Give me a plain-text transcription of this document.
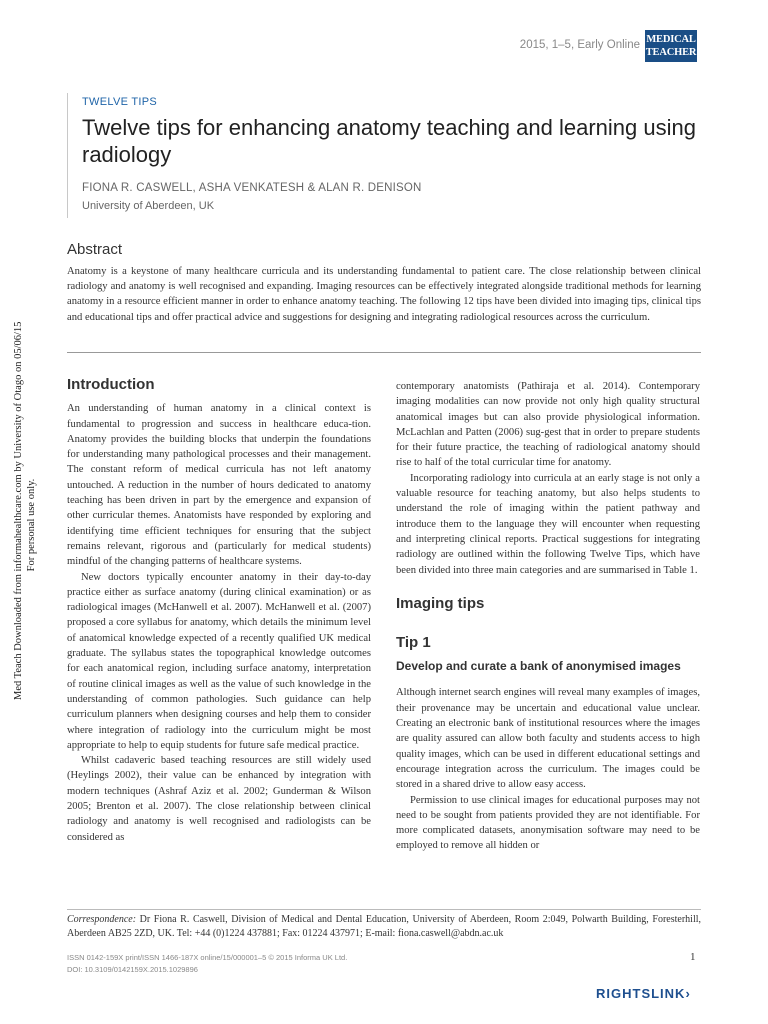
2015, 1–5, Early Online MEDICAL
TEACHER
Med Teach Downloaded from informahealthcare.com by University of Otago on 05/06/15 For personal use only.
TWELVE TIPS
Twelve tips for enhancing anatomy teaching and learning using radiology
FIONA R. CASWELL, ASHA VENKATESH & ALAN R. DENISON
University of Aberdeen, UK
Abstract

Anatomy is a keystone of many healthcare curricula and its understanding fundamental to patient care. The close relationship between clinical radiology and anatomy is well recognised and expanding. Imaging resources can be effectively integrated alongside traditional methods for learning anatomy in a resource efficient manner in order to enhance anatomy teaching. The following 12 tips have been divided into imaging tips, clinical tips and educational tips and offer practical advice and suggestions for designing and integrating radiological resources across the curriculum.

Introduction

An understanding of human anatomy in a clinical context is fundamental to progression and success in healthcare educa-tion. Anatomy provides the building blocks that underpin the foundations for understanding many pathological processes and their management. The constant reform of medical curricula has not left anatomy untouched. A reduction in the number of hours dedicated to anatomy teaching has been driven in part by the emergence and expansion of other curricular themes. Anatomists have responded by exploring and identifying time efficient techniques for ensuring that the subject remains relevant, rigorous and (particularly for medical students) mindful of the changing patterns of healthcare systems.

New doctors typically encounter anatomy in their day-to-day practice either as surface anatomy (during clinical examination) or as radiological images (McHanwell et al. 2007). McHanwell et al. (2007) proposed a core syllabus for anatomy, which details the minimum level of anatomical knowledge expected of a recently qualified UK medical graduate. The syllabus states the topographical knowledge outcomes for each anatomical region, including surface anatomy, interpretation of routine clinical images as well as the value of such knowledge in the understanding of common pathologies. Such guidance can help curriculum planners when designing courses and help them to consider where integration of radiology into the curriculum might be most appropriate to help to equip students for future safe medical practice.

Whilst cadaveric based teaching resources are still widely used (Heylings 2002), their value can be enhanced by integration with modern techniques (Ashraf Aziz et al. 2002; Gunderman & Wilson 2005; Brenton et al. 2007). The close relationship between clinical radiology and anatomy is well recognised and radiologists can be considered as

contemporary anatomists (Pathiraja et al. 2014). Contemporary imaging modalities can now provide not only high quality structural anatomical images but can also provide physiological information. McLachlan and Patten (2006) sug-gest that in order to prepare students for their future practice, the teaching of radiological anatomy should rise to half of the total curricular time for anatomy.

Incorporating radiology into curricula at an early stage is not only a valuable resource for teaching anatomy, but also helps students to understand the role of imaging within the patient pathway and introduce them to the language they will encounter when requesting and interpreting clinical reports. Practical suggestions for integrating radiology are outlined within the following Twelve Tips, which have been divided into three main categories and are summarised in Table 1.

Imaging tips
Tip 1
Develop and curate a bank of anonymised images

Although internet search engines will reveal many examples of images, their provenance may be uncertain and educational value unclear. Creating an electronic bank of institutional resources where the images are quality assured can allow both faculty and students access to high quality images, which can be used in different educational settings and encourage integration across the curriculum. The images could be stored in a shared drive to allow easy access.

Permission to use clinical images for educational purposes may not need to be sought from patients provided they are not identifiable. For more complicated datasets, anonymisation software may need to be employed to remove all hidden or

Correspondence: Dr Fiona R. Caswell, Division of Medical and Dental Education, University of Aberdeen, Room 2:049, Polwarth Building, Foresterhill, Aberdeen AB25 2ZD, UK. Tel: +44 (0)1224 437881; Fax: 01224 437971; E-mail: fiona.caswell@abdn.ac.uk

ISSN 0142-159X print/ISSN 1466-187X online/15/000001–5 © 2015 Informa UK Ltd.
DOI: 10.3109/0142159X.2015.1029896
1
RIGHTSLINK›
